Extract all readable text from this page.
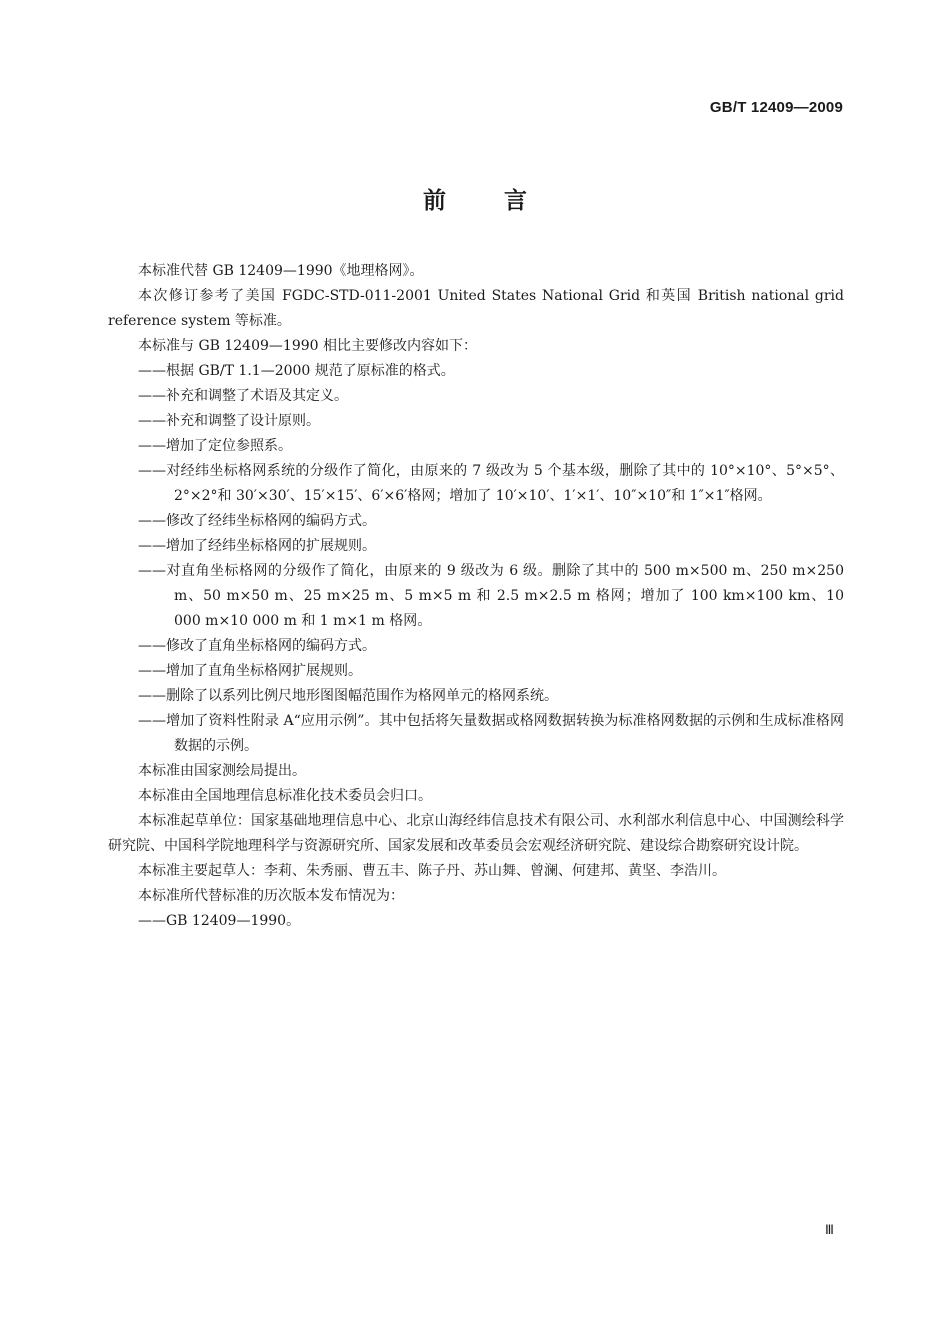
GB/T 12409—2009
前言

本标准代替 GB 12409—1990《地理格网》。

本次修订参考了美国 FGDC-STD-011-2001 United States National Grid 和英国 British national grid reference system 等标准。

本标准与 GB 12409—1990 相比主要修改内容如下：

——根据 GB/T 1.1—2000 规范了原标准的格式。

——补充和调整了术语及其定义。

——补充和调整了设计原则。

——增加了定位参照系。

——对经纬坐标格网系统的分级作了简化，由原来的 7 级改为 5 个基本级，删除了其中的 10°×10°、5°×5°、2°×2°和 30′×30′、15′×15′、6′×6′格网；增加了 10′×10′、1′×1′、10″×10″和 1″×1″格网。

——修改了经纬坐标格网的编码方式。

——增加了经纬坐标格网的扩展规则。

——对直角坐标格网的分级作了简化，由原来的 9 级改为 6 级。删除了其中的 500 m×500 m、250 m×250 m、50 m×50 m、25 m×25 m、5 m×5 m 和 2.5 m×2.5 m 格网；增加了 100 km×100 km、10 000 m×10 000 m 和 1 m×1 m 格网。

——修改了直角坐标格网的编码方式。

——增加了直角坐标格网扩展规则。

——删除了以系列比例尺地形图图幅范围作为格网单元的格网系统。

——增加了资料性附录 A“应用示例”。其中包括将矢量数据或格网数据转换为标准格网数据的示例和生成标准格网数据的示例。

本标准由国家测绘局提出。

本标准由全国地理信息标准化技术委员会归口。

本标准起草单位：国家基础地理信息中心、北京山海经纬信息技术有限公司、水利部水利信息中心、中国测绘科学研究院、中国科学院地理科学与资源研究所、国家发展和改革委员会宏观经济研究院、建设综合勘察研究设计院。

本标准主要起草人：李莉、朱秀丽、曹五丰、陈子丹、苏山舞、曾澜、何建邦、黄坚、李浩川。

本标准所代替标准的历次版本发布情况为：

——GB 12409—1990。

Ⅲ
